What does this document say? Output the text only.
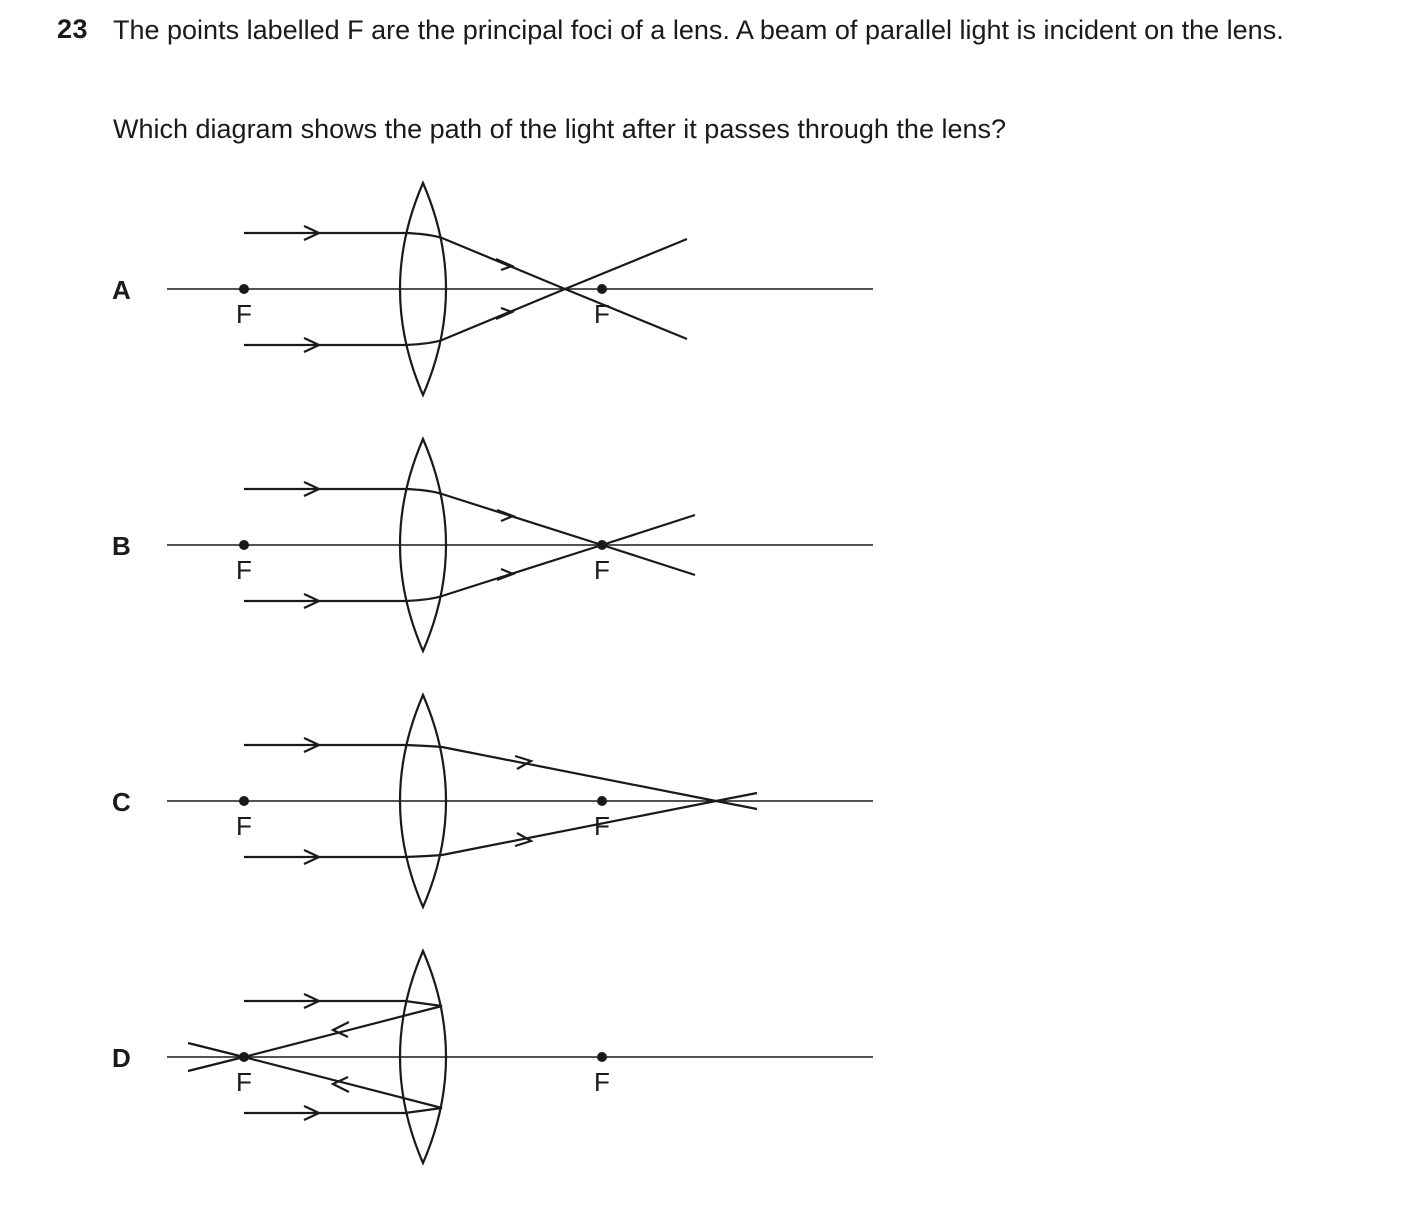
23 The points labelled F are the principal foci of a lens. A beam of parallel light is incident on the lens.

Which diagram shows the path of the light after it passes through the lens?

A
B
C
D
F	F
F	F
F	F
F	F
